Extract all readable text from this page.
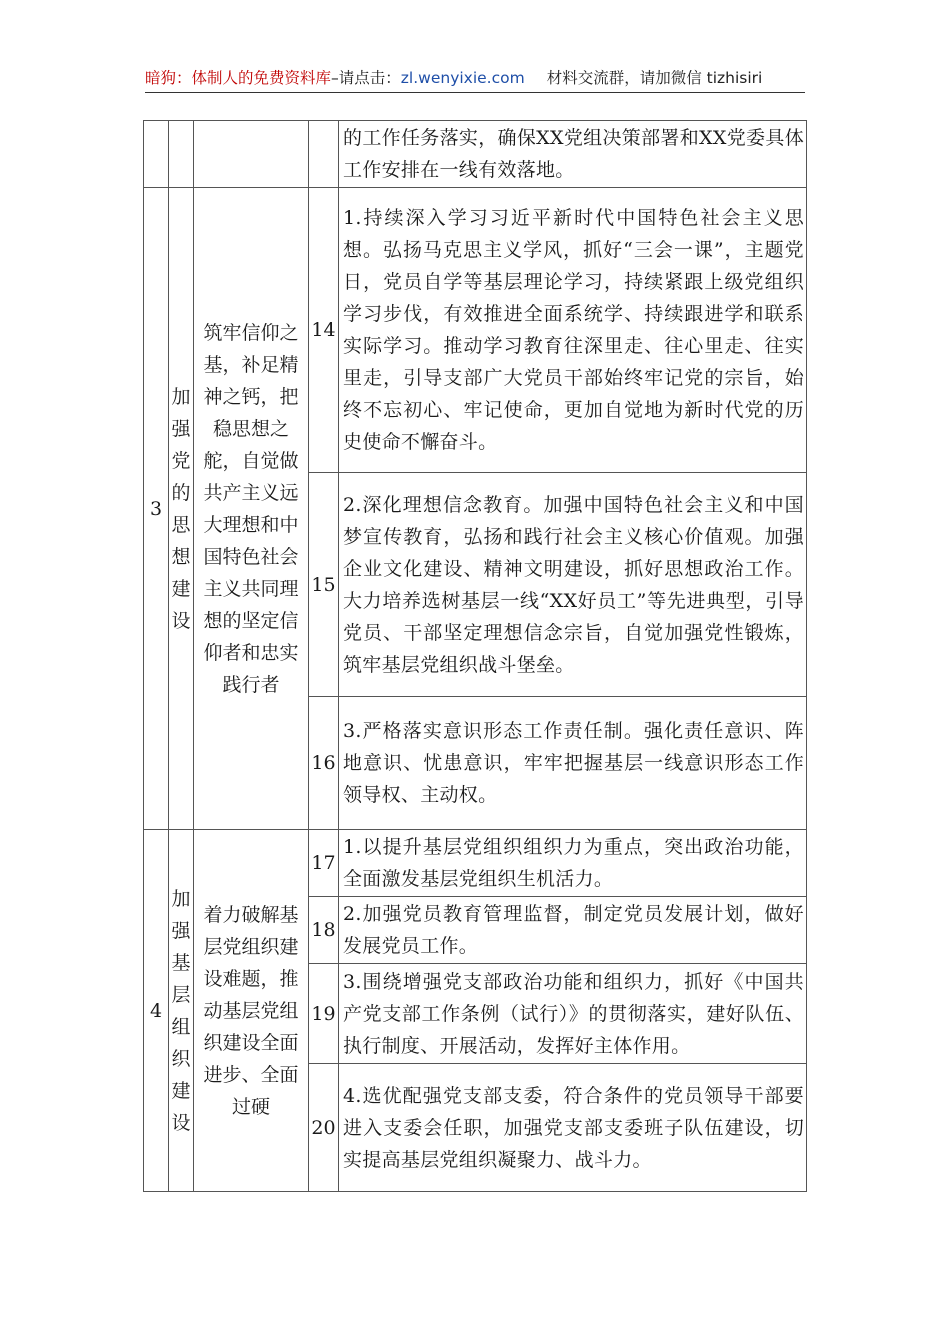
暗狗：体制人的免费资料库–请点击：zl.wenyixie.com 材料交流群，请加微信 tizhisiri
				的工作任务落实，确保XX党组决策部署和XX党委具体工作安排在一线有效落地。
3	加强党的思想建设	筑牢信仰之基，补足精神之钙，把稳思想之舵，自觉做共产主义远大理想和中国特色社会主义共同理想的坚定信仰者和忠实践行者	14	1.持续深入学习习近平新时代中国特色社会主义思想。弘扬马克思主义学风，抓好“三会一课”，主题党日，党员自学等基层理论学习，持续紧跟上级党组织学习步伐，有效推进全面系统学、持续跟进学和联系实际学习。推动学习教育往深里走、往心里走、往实里走，引导支部广大党员干部始终牢记党的宗旨，始终不忘初心、牢记使命，更加自觉地为新时代党的历史使命不懈奋斗。
			15	2.深化理想信念教育。加强中国特色社会主义和中国梦宣传教育，弘扬和践行社会主义核心价值观。加强企业文化建设、精神文明建设，抓好思想政治工作。大力培养选树基层一线“XX好员工”等先进典型，引导党员、干部坚定理想信念宗旨，自觉加强党性锻炼，筑牢基层党组织战斗堡垒。
			16	3.严格落实意识形态工作责任制。强化责任意识、阵地意识、忧患意识，牢牢把握基层一线意识形态工作领导权、主动权。
4	加强基层组织建设	着力破解基层党组织建设难题，推动基层党组织建设全面进步、全面过硬	17	1.以提升基层党组织组织力为重点，突出政治功能，全面激发基层党组织生机活力。
			18	2.加强党员教育管理监督，制定党员发展计划，做好发展党员工作。
			19	3.围绕增强党支部政治功能和组织力，抓好《中国共产党支部工作条例（试行）》的贯彻落实，建好队伍、执行制度、开展活动，发挥好主体作用。
			20	4.选优配强党支部支委，符合条件的党员领导干部要进入支委会任职，加强党支部支委班子队伍建设，切实提高基层党组织凝聚力、战斗力。
